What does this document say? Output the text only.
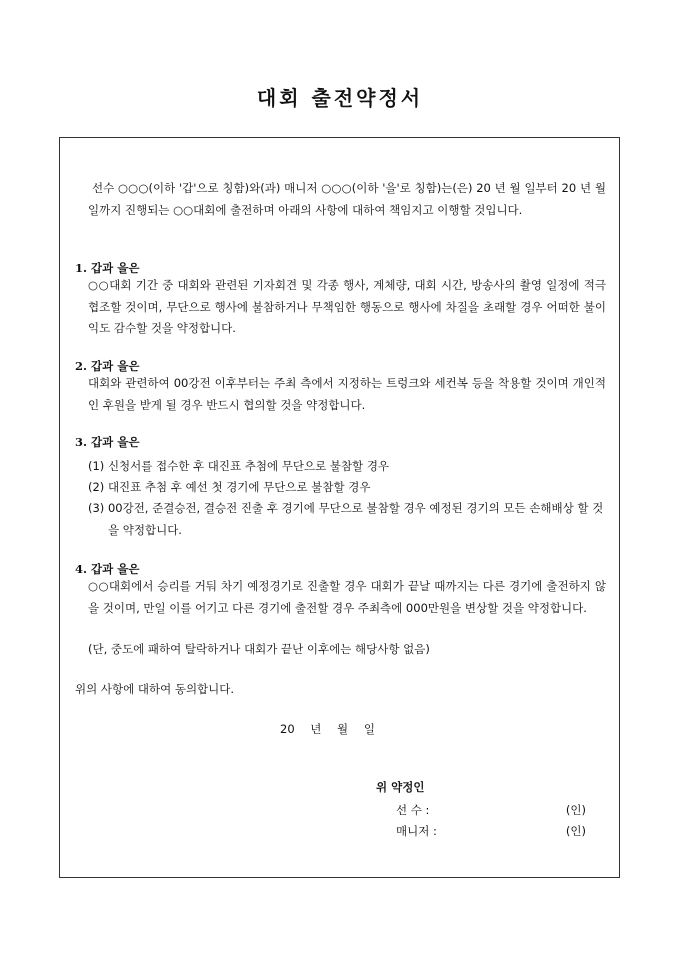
대회 출전약정서
선수 ○○○(이하 '갑'으로 칭함)와(과) 매니저 ○○○(이하 '을'로 칭함)는(은) 20 년 월 일부터 20 년 월 일까지 진행되는 ○○대회에 출전하며 아래의 사항에 대하여 책임지고 이행할 것입니다.
1. 갑과 을은
○○대회 기간 중 대회와 관련된 기자회견 및 각종 행사, 계체량, 대회 시간, 방송사의 촬영 일정에 적극 협조할 것이며, 무단으로 행사에 불참하거나 무책임한 행동으로 행사에 차질을 초래할 경우 어떠한 불이익도 감수할 것을 약정합니다.
2. 갑과 을은
대회와 관련하여 00강전 이후부터는 주최 측에서 지정하는 트렁크와 세컨복 등을 착용할 것이며 개인적인 후원을 받게 될 경우 반드시 협의할 것을 약정합니다.
3. 갑과 을은
(1) 신청서를 접수한 후 대진표 추첨에 무단으로 불참할 경우
(2) 대진표 추첨 후 예선 첫 경기에 무단으로 불참할 경우
(3) 00강전, 준결승전, 결승전 진출 후 경기에 무단으로 불참할 경우 예정된 경기의 모든 손해배상 할 것을 약정합니다.
4. 갑과 을은
○○대회에서 승리를 거둬 차기 예정경기로 진출할 경우 대회가 끝날 때까지는 다른 경기에 출전하지 않을 것이며, 만일 이를 어기고 다른 경기에 출전할 경우 주최측에 000만원을 변상할 것을 약정합니다.
(단, 중도에 패하여 탈락하거나 대회가 끝난 이후에는 해당사항 없음)
위의 사항에 대하여 동의합니다.
20 년 월 일
위 약정인
선 수 :	(인)
매니저 :	(인)
